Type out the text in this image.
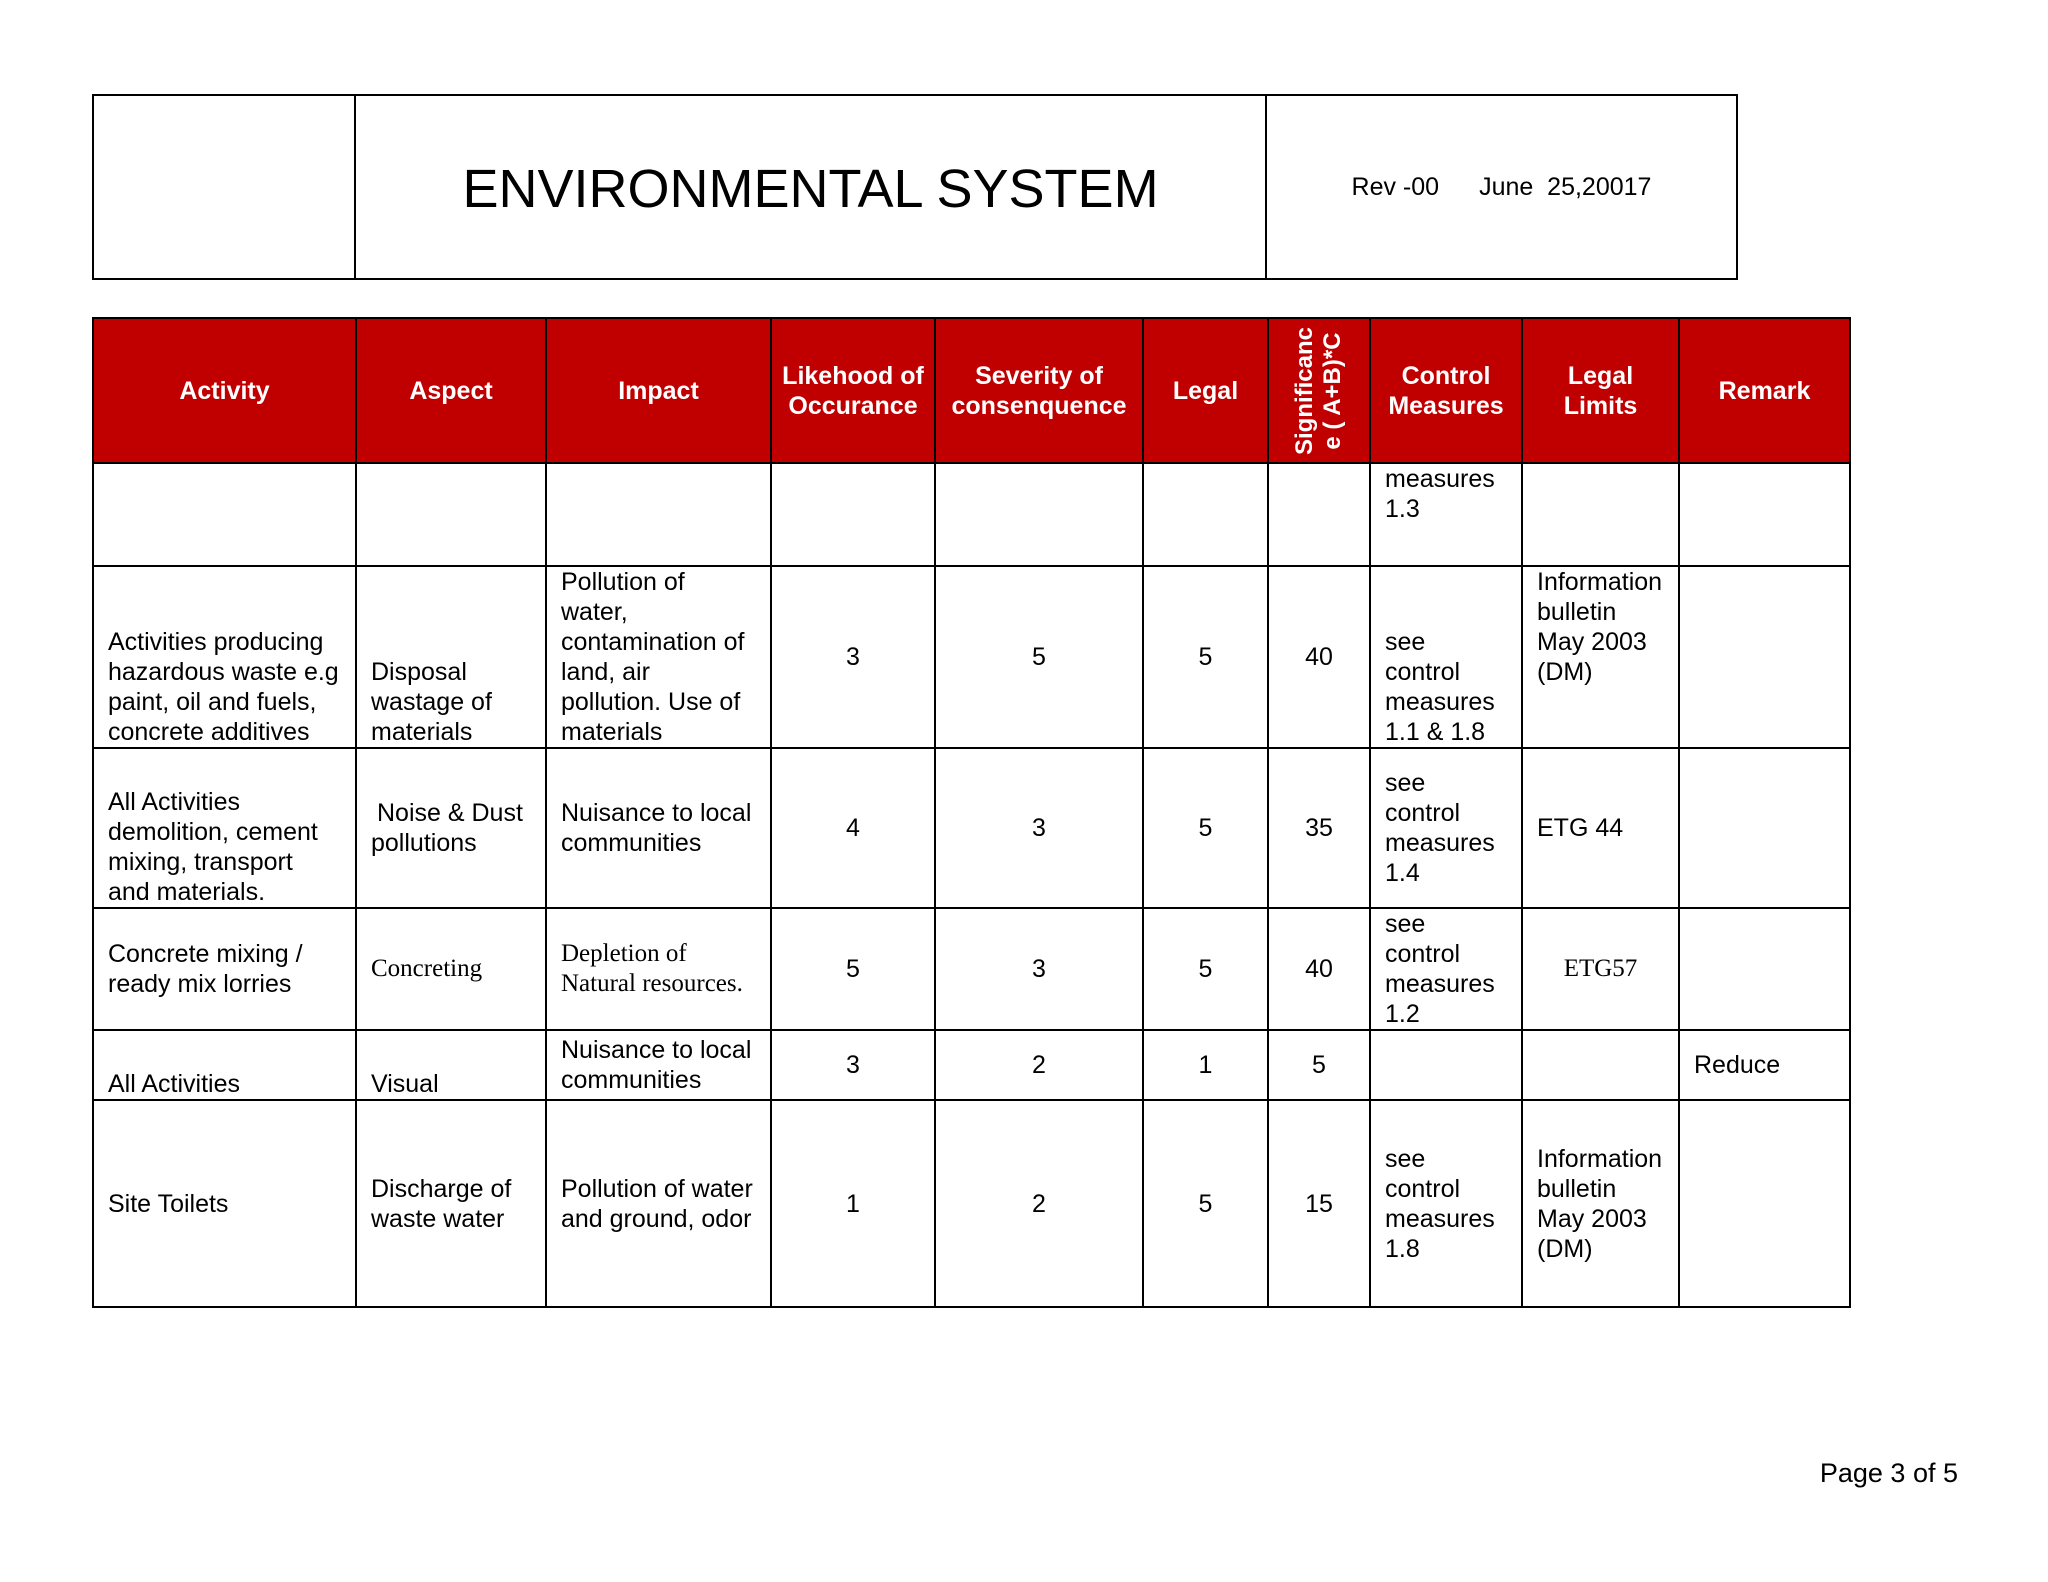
ENVIRONMENTAL SYSTEM	Rev -00 June  25,20017
Activity	Aspect	Impact	Likehood of Occurance	Severity of consenquence	Legal	Significanc e ( A+B)*C	Control Measures	Legal Limits	Remark
							measures 1.3		
Activities producing hazardous waste e.g paint, oil and fuels, concrete additives	Disposal wastage of materials	Pollution of water, contamination of land, air pollution. Use of materials	3	5	5	40	see control measures 1.1 & 1.8	Information bulletin May 2003 (DM)	
All Activities demolition, cement mixing, transport and materials.	Noise & Dust pollutions	Nuisance to local communities	4	3	5	35	see control measures 1.4	ETG 44	
Concrete mixing / ready mix lorries	Concreting	Depletion of Natural resources.	5	3	5	40	see control measures 1.2	ETG57	
All Activities	Visual	Nuisance to local communities	3	2	1	5			Reduce
Site Toilets	Discharge of waste water	Pollution of water and ground, odor	1	2	5	15	see control measures 1.8	Information bulletin May 2003 (DM)	
Page 3 of 5
